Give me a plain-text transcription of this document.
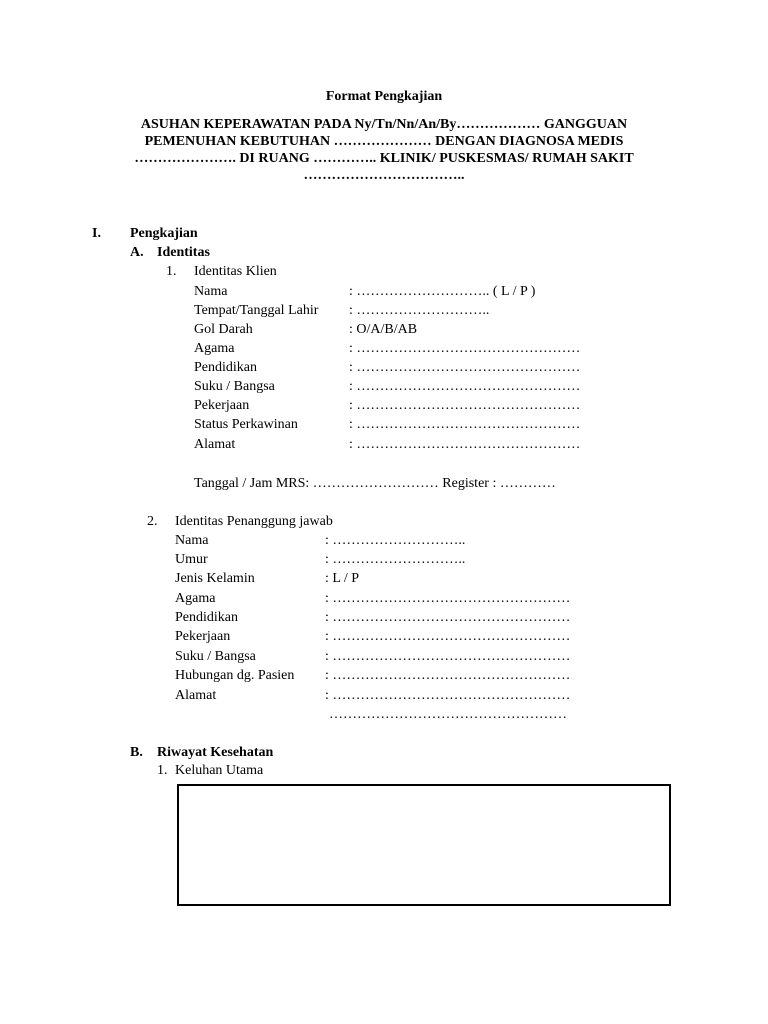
Format Pengkajian
ASUHAN KEPERAWATAN PADA Ny/Tn/Nn/An/By……………… GANGGUAN
PEMENUHAN KEBUTUHAN ………………… DENGAN DIAGNOSA MEDIS
…………………. DI RUANG ………….. KLINIK/ PUSKESMAS/ RUMAH SAKIT
……………………………..
I. Pengkajian
A. Identitas
1. Identitas Klien
Nama	: ……………………….. ( L / P )
Tempat/Tanggal Lahir : ………………………..
Gol Darah	: O/A/B/AB
Agama	: …………………………………………
Pendidikan	: …………………………………………
Suku / Bangsa	: …………………………………………
Pekerjaan	: …………………………………………
Status Perkawinan	: …………………………………………
Alamat	: …………………………………………
Tanggal / Jam MRS: ……………………… Register : …………
2. Identitas Penanggung jawab
Nama	: ………………………..
Umur	: ………………………..
Jenis Kelamin	: L / P
Agama	: ……………………………………………
Pendidikan	: ……………………………………………
Pekerjaan	: ……………………………………………
Suku / Bangsa	: ……………………………………………
Hubungan dg. Pasien : ……………………………………………
Alamat	: ……………………………………………
……………………………………………
B. Riwayat Kesehatan
1. Keluhan Utama
